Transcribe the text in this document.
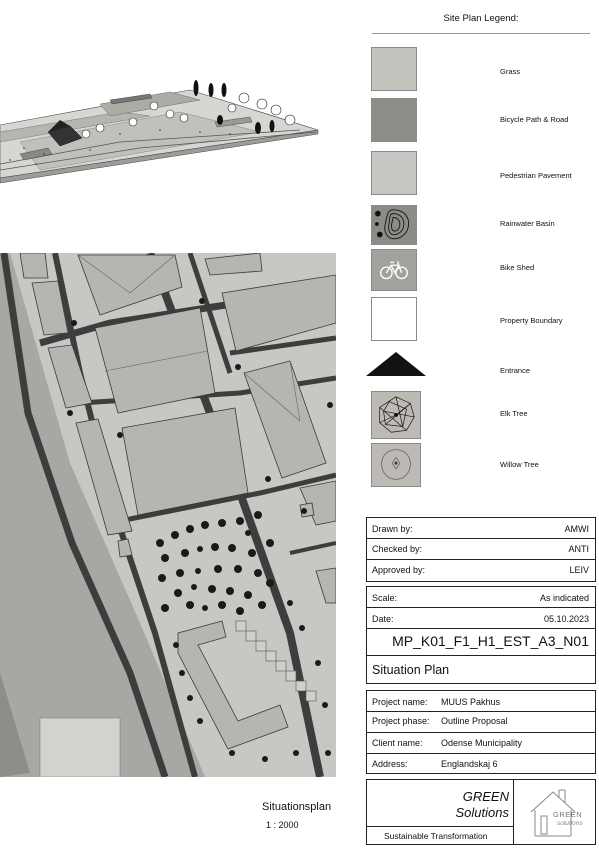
Site Plan Legend:
Grass
Bicycle Path & Road
Pedestrian Pavement
Rainwater Basin
Bike Shed
Property Boundary
Entrance
Elk Tree
Willow Tree
Drawn by:	AMWI
Checked by:	ANTI
Approved by:	LEIV
Scale:	As indicated
Date:	05.10.2023
MP_K01_F1_H1_EST_A3_N01
Situation Plan
Project name: MUUS Pakhus
Project phase: Outline Proposal
Client name: Odense Municipality
Address:	Englandskaj 6
GREEN
Solutions
Sustainable Transformation
GREEN
solutions
Situationsplan
1 : 2000
